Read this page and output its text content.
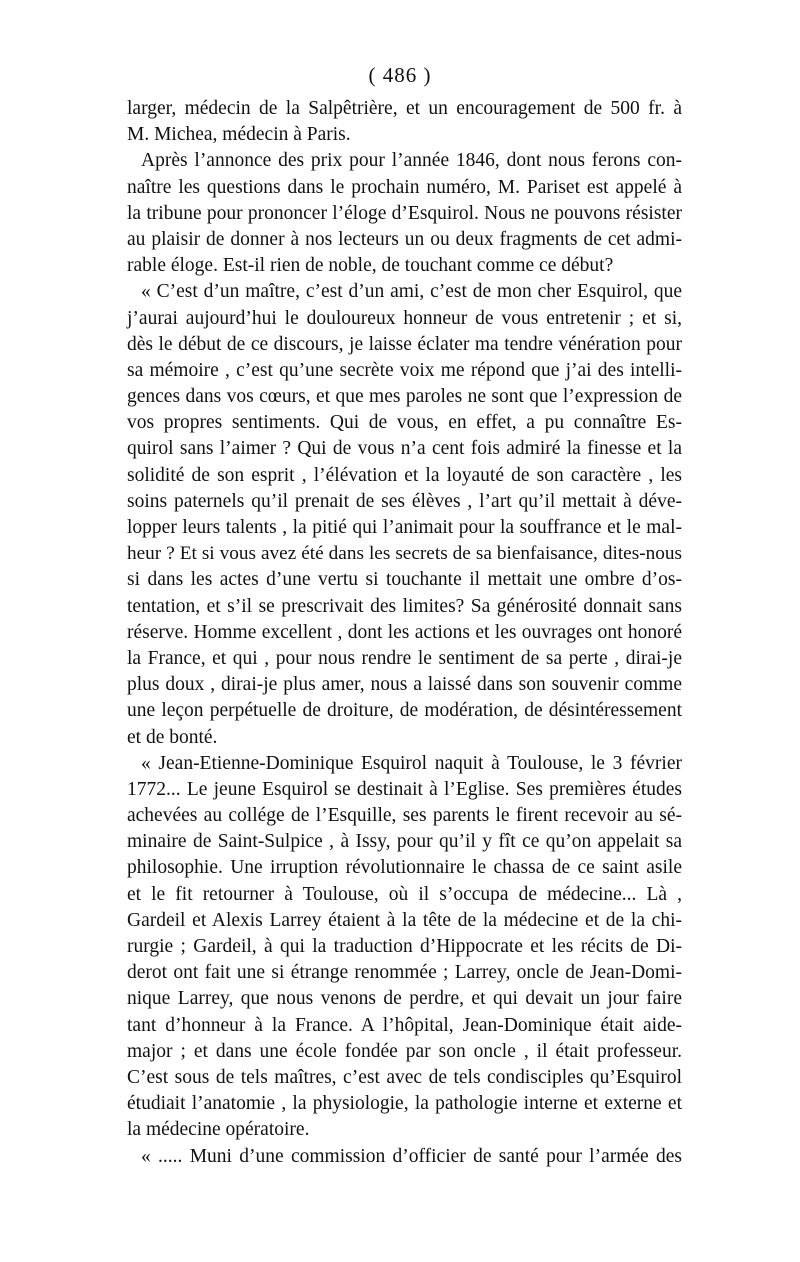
( 486 )
larger, médecin de la Salpêtrière, et un encouragement de 500 fr. à
M. Michea, médecin à Paris.
Après l’annonce des prix pour l’année 1846, dont nous ferons con-
naître les questions dans le prochain numéro, M. Pariset est appelé à
la tribune pour prononcer l’éloge d’Esquirol. Nous ne pouvons résister
au plaisir de donner à nos lecteurs un ou deux fragments de cet admi-
rable éloge. Est-il rien de noble, de touchant comme ce début?
« C’est d’un maître, c’est d’un ami, c’est de mon cher Esquirol, que
j’aurai aujourd’hui le douloureux honneur de vous entretenir ; et si,
dès le début de ce discours, je laisse éclater ma tendre vénération pour
sa mémoire , c’est qu’une secrète voix me répond que j’ai des intelli-
gences dans vos cœurs, et que mes paroles ne sont que l’expression de
vos propres sentiments. Qui de vous, en effet, a pu connaître Es-
quirol sans l’aimer ? Qui de vous n’a cent fois admiré la finesse et la
solidité de son esprit , l’élévation et la loyauté de son caractère , les
soins paternels qu’il prenait de ses élèves , l’art qu’il mettait à déve-
lopper leurs talents , la pitié qui l’animait pour la souffrance et le mal-
heur ? Et si vous avez été dans les secrets de sa bienfaisance, dites-nous
si dans les actes d’une vertu si touchante il mettait une ombre d’os-
tentation, et s’il se prescrivait des limites? Sa générosité donnait sans
réserve. Homme excellent , dont les actions et les ouvrages ont honoré
la France, et qui , pour nous rendre le sentiment de sa perte , dirai-je
plus doux , dirai-je plus amer, nous a laissé dans son souvenir comme
une leçon perpétuelle de droiture, de modération, de désintéressement
et de bonté.
« Jean-Etienne-Dominique Esquirol naquit à Toulouse, le 3 février
1772... Le jeune Esquirol se destinait à l’Eglise. Ses premières études
achevées au collége de l’Esquille, ses parents le firent recevoir au sé-
minaire de Saint-Sulpice , à Issy, pour qu’il y fît ce qu’on appelait sa
philosophie. Une irruption révolutionnaire le chassa de ce saint asile
et le fit retourner à Toulouse, où il s’occupa de médecine... Là ,
Gardeil et Alexis Larrey étaient à la tête de la médecine et de la chi-
rurgie ; Gardeil, à qui la traduction d’Hippocrate et les récits de Di-
derot ont fait une si étrange renommée ; Larrey, oncle de Jean-Domi-
nique Larrey, que nous venons de perdre, et qui devait un jour faire
tant d’honneur à la France. A l’hôpital, Jean-Dominique était aide-
major ; et dans une école fondée par son oncle , il était professeur.
C’est sous de tels maîtres, c’est avec de tels condisciples qu’Esquirol
étudiait l’anatomie , la physiologie, la pathologie interne et externe et
la médecine opératoire.
« ..... Muni d’une commission d’officier de santé pour l’armée des
